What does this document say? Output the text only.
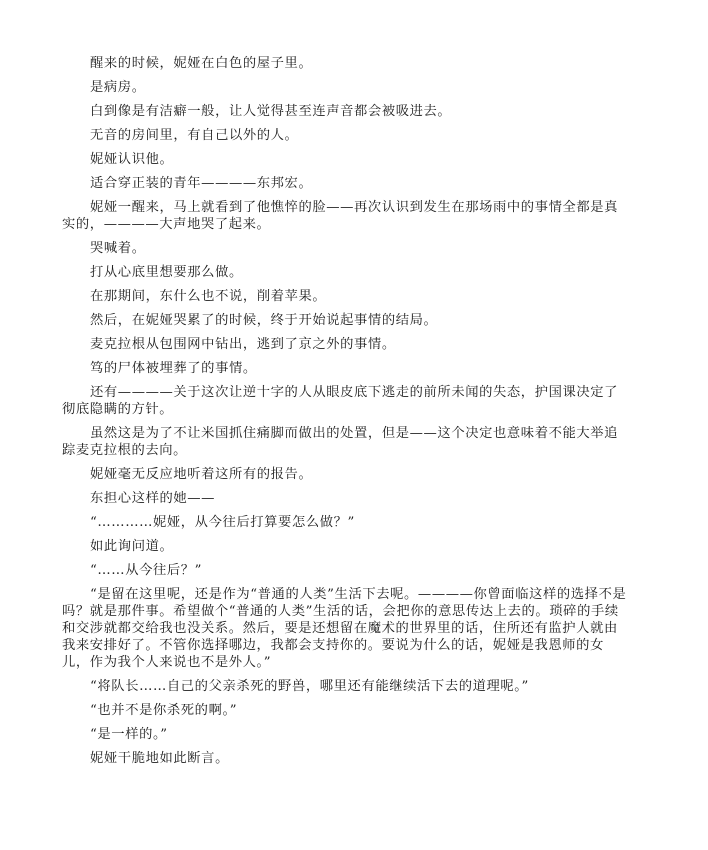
醒来的时候，妮娅在白色的屋子里。

是病房。

白到像是有洁癖一般，让人觉得甚至连声音都会被吸进去。

无音的房间里，有自己以外的人。

妮娅认识他。

适合穿正装的青年————东邦宏。

妮娅一醒来，马上就看到了他憔悴的脸——再次认识到发生在那场雨中的事情全都是真实的，————大声地哭了起来。

哭喊着。

打从心底里想要那么做。

在那期间，东什么也不说，削着苹果。

然后，在妮娅哭累了的时候，终于开始说起事情的结局。

麦克拉根从包围网中钻出，逃到了京之外的事情。

笃的尸体被埋葬了的事情。

还有————关于这次让逆十字的人从眼皮底下逃走的前所未闻的失态，护国课决定了彻底隐瞒的方针。

虽然这是为了不让米国抓住痛脚而做出的处置，但是——这个决定也意味着不能大举追踪麦克拉根的去向。

妮娅毫无反应地听着这所有的报告。

东担心这样的她——

“…………妮娅，从今往后打算要怎么做？”

如此询问道。

“……从今往后？”

“是留在这里呢，还是作为“普通的人类”生活下去呢。————你曾面临这样的选择不是吗？就是那件事。希望做个“普通的人类”生活的话，会把你的意思传达上去的。琐碎的手续和交涉就都交给我也没关系。然后，要是还想留在魔术的世界里的话，住所还有监护人就由我来安排好了。不管你选择哪边，我都会支持你的。要说为什么的话，妮娅是我恩师的女儿，作为我个人来说也不是外人。”

“将队长……自己的父亲杀死的野兽，哪里还有能继续活下去的道理呢。”

“也并不是你杀死的啊。”

“是一样的。”

妮娅干脆地如此断言。
